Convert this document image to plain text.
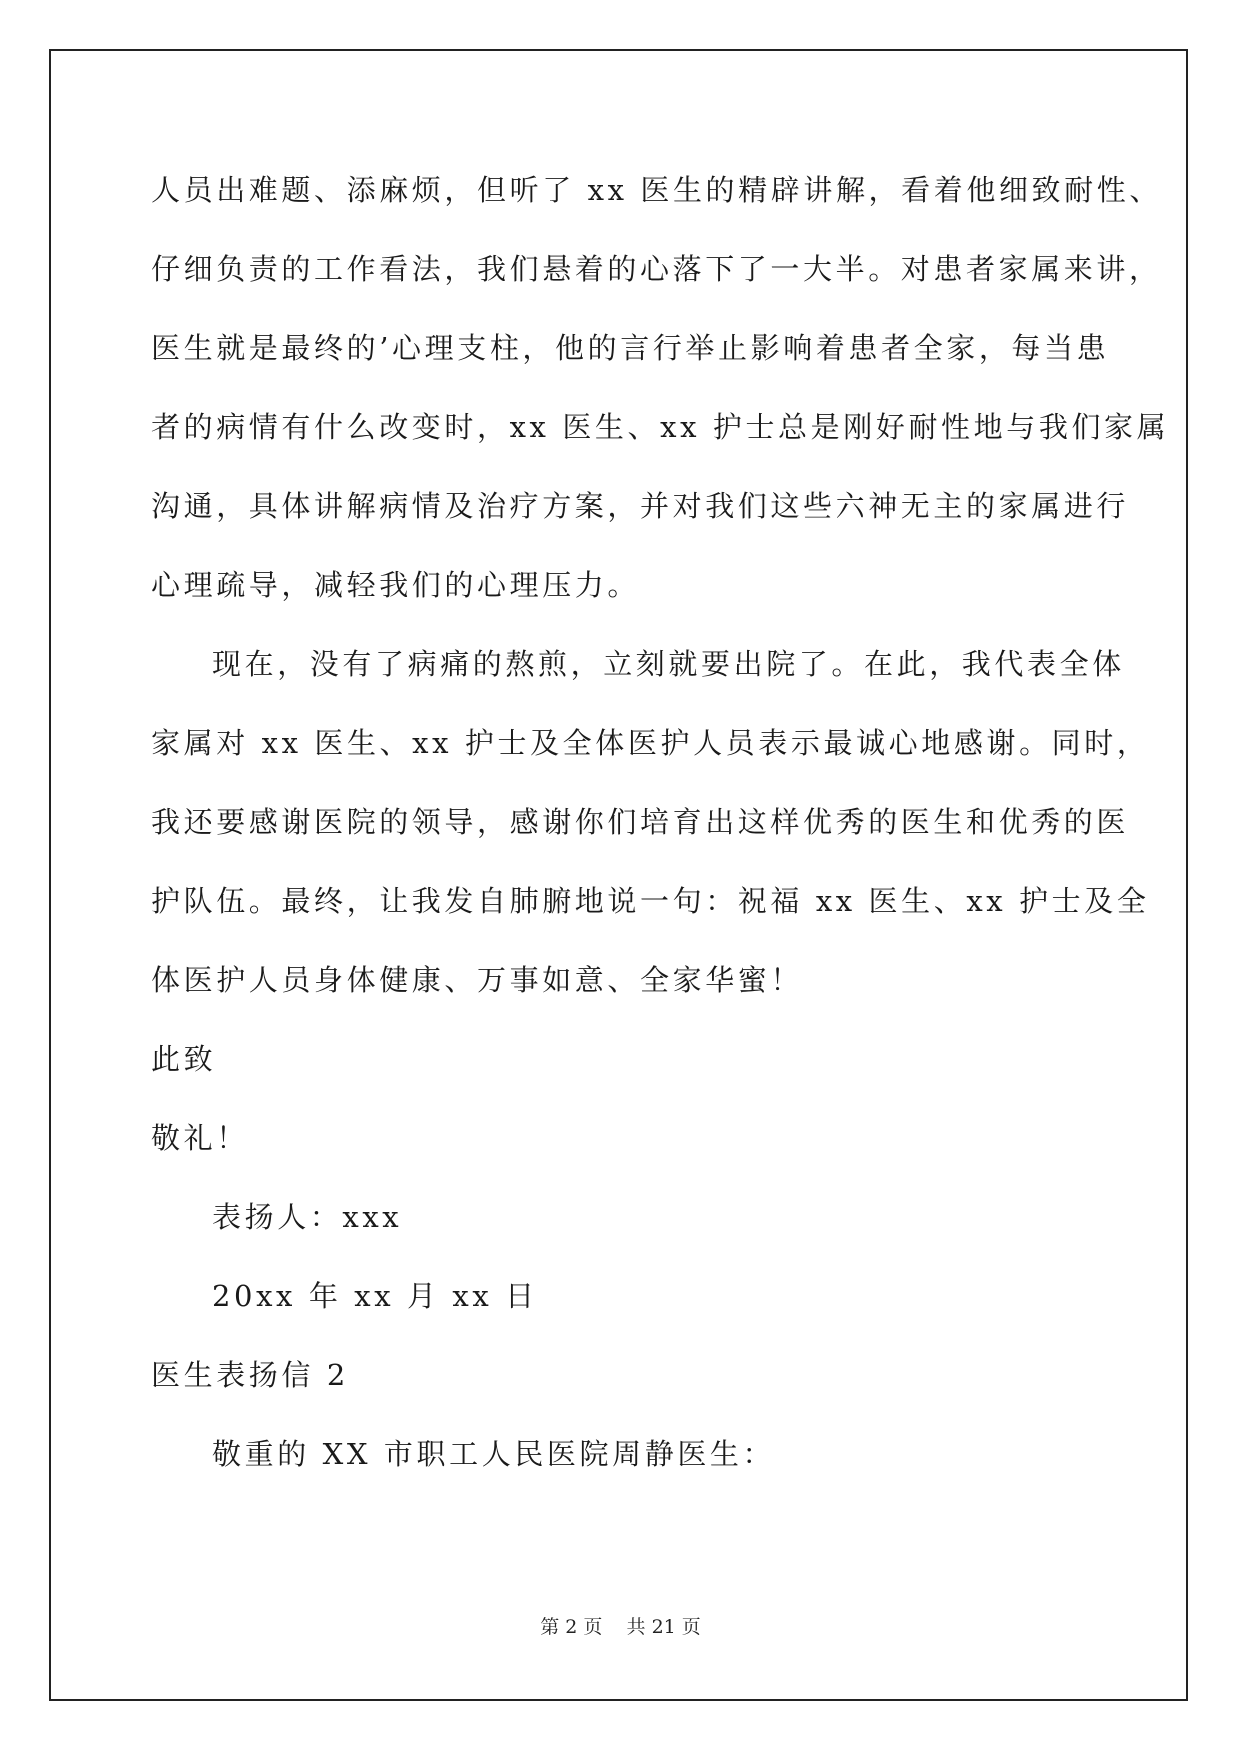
人员出难题、添麻烦，但听了 xx 医生的精辟讲解，看着他细致耐性、
仔细负责的工作看法，我们悬着的心落下了一大半。对患者家属来讲，
医生就是最终的’心理支柱，他的言行举止影响着患者全家，每当患
者的病情有什么改变时，xx 医生、xx 护士总是刚好耐性地与我们家属
沟通，具体讲解病情及治疗方案，并对我们这些六神无主的家属进行
心理疏导，减轻我们的心理压力。
现在，没有了病痛的熬煎，立刻就要出院了。在此，我代表全体
家属对 xx 医生、xx 护士及全体医护人员表示最诚心地感谢。同时，
我还要感谢医院的领导，感谢你们培育出这样优秀的医生和优秀的医
护队伍。最终，让我发自肺腑地说一句：祝福 xx 医生、xx 护士及全
体医护人员身体健康、万事如意、全家华蜜！
此致
敬礼！
表扬人：xxx
20xx 年 xx 月 xx 日
医生表扬信 2
敬重的 XX 市职工人民医院周静医生：
第 2 页    共 21 页
